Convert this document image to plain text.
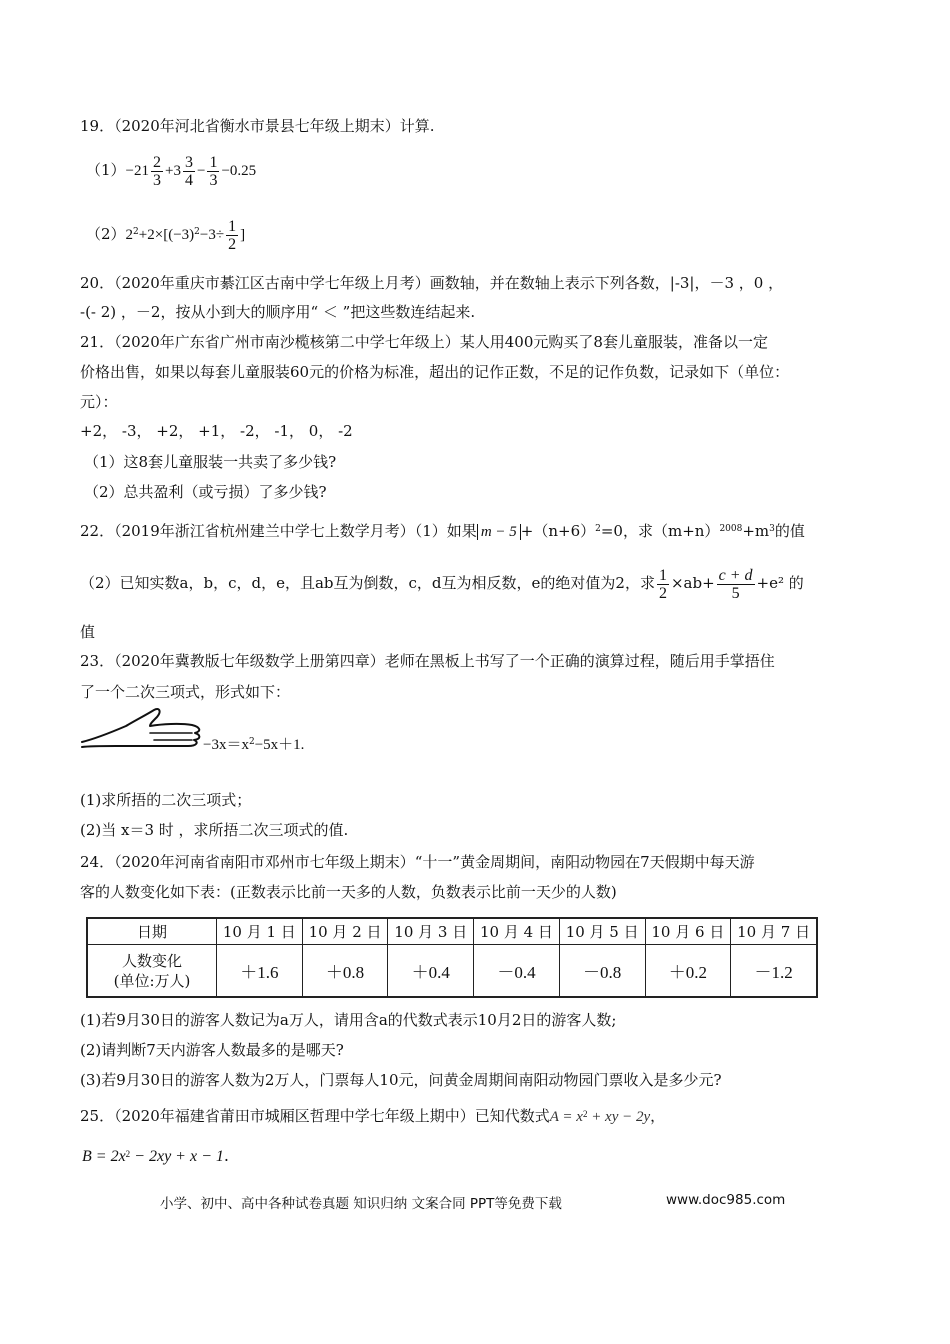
19．（2020年河北省衡水市景县七年级上期末）计算.
$(1)-21 \frac{2}{3} +3 \frac{3}{4} - \frac{1}{3} -0.25$
$(2)2^2+2\times[(-3)^2-3\div \frac{1}{2}$ ]
20．（2020年重庆市綦江区古南中学七年级上月考）画数轴，并在数轴上表示下列各数，|-3|，－3 ，0 ，
-(- 2) ，－2，按从小到大的顺序用“ ＜ ”把这些数连结起来.
21．（2020年广东省广州市南沙榄核第二中学七年级上）某人用400元购买了8套儿童服装，准备以一定
价格出售，如果以每套儿童服装60元的价格为标准，超出的记作正数，不足的记作负数，记录如下（单位：
元）：
+2， -3， +2， +1， -2， -1， 0， -2
（1）这8套儿童服装一共卖了多少钱?
（2）总共盈利（或亏损）了多少钱?
22．（2019年浙江省杭州建兰中学七上数学月考）（1）如果 $m - 5 +(n+6)^2=0$，求$(m+n)^{2008}+m^3$的值
（2）已知实数a，b，c，d，e，且ab互为倒数，c，d互为相反数，e的绝对值为2，求 $\frac{1}{2} \times ab+ \frac{c + d}{5} +e^2$ 的
值
23．（2020年冀教版七年级数学上册第四章）老师在黑板上书写了一个正确的演算过程，随后用手掌捂住
了一个二次三项式，形式如下：
$-3x=x^2-5x+1$.
(1)求所捂的二次三项式；
(2)当 x＝3 时 ，求所捂二次三项式的值.
24．（2020年河南省南阳市邓州市七年级上期末）“十一”黄金周期间，南阳动物园在7天假期中每天游
客的人数变化如下表：(正数表示比前一天多的人数，负数表示比前一天少的人数)
日期	10 月 1 日	10 月 2 日	10 月 3 日	10 月 4 日	10 月 5 日	10 月 6 日	10 月 7 日

人数变化
(单位:万人)	＋1.6	＋0.8	＋0.4	－0.4	－0.8	＋0.2	－1.2
(1)若9月30日的游客人数记为a万人，请用含a的代数式表示10月2日的游客人数;
(2)请判断7天内游客人数最多的是哪天?
(3)若9月30日的游客人数为2万人，门票每人10元，问黄金周期间南阳动物园门票收入是多少元?
25．（2020年福建省莆田市城厢区哲理中学七年级上期中）已知代数式$A = x^2$ + xy − 2y，
$B = 2x^2 - 2xy + x - 1$.
小学、初中、高中各种试卷真题 知识归纳 文案合同 PPT等免费下载	www.doc985.com
